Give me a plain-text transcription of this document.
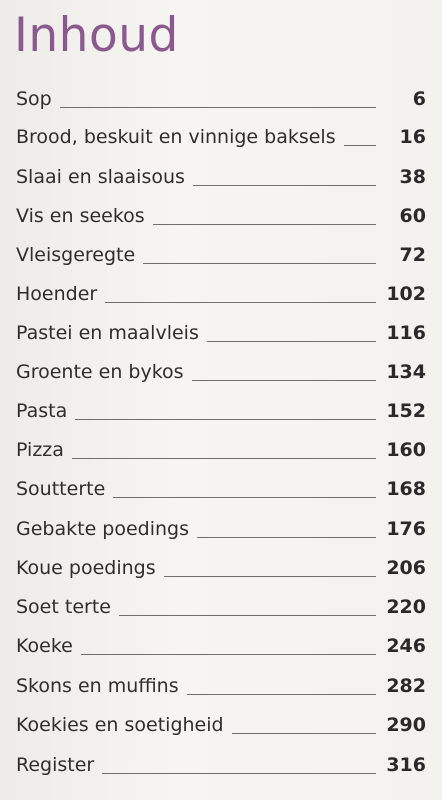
Inhoud
Sop	6
Brood, beskuit en vinnige baksels	16
Slaai en slaaisous	38
Vis en seekos	60
Vleisgeregte	72
Hoender	102
Pastei en maalvleis	116
Groente en bykos	134
Pasta	152
Pizza	160
Soutterte	168
Gebakte poedings	176
Koue poedings	206
Soet terte	220
Koeke	246
Skons en muffins	282
Koekies en soetigheid	290
Register	316
